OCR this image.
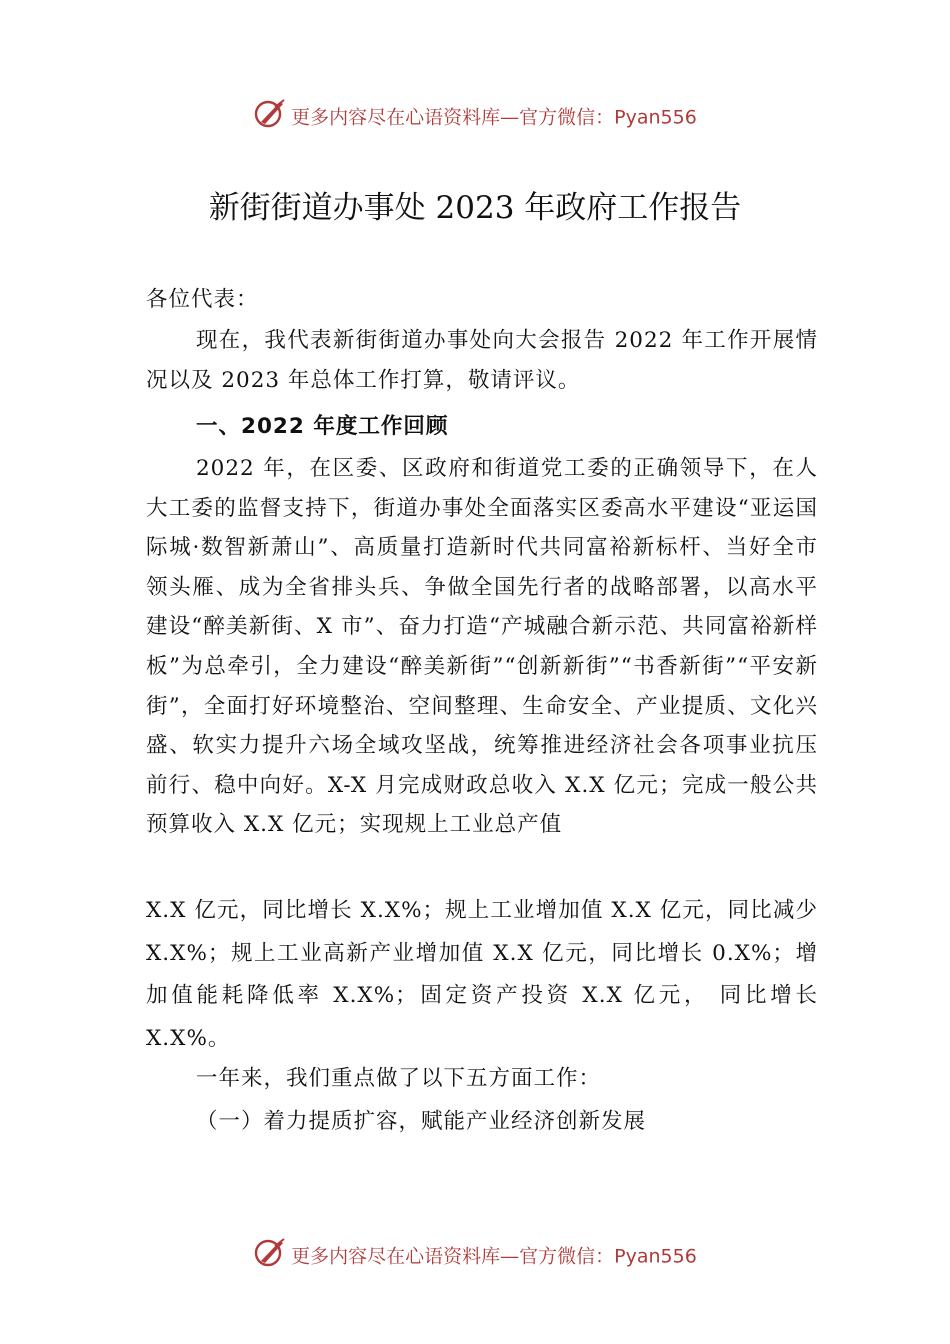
更多内容尽在心语资料库—官方微信：Pyan556
新街街道办事处 2023 年政府工作报告

各位代表：

现在，我代表新街街道办事处向大会报告 2022 年工作开展情况以及 2023 年总体工作打算，敬请评议。

一、2022 年度工作回顾

2022 年，在区委、区政府和街道党工委的正确领导下，在人大工委的监督支持下，街道办事处全面落实区委高水平建设“亚运国际城·数智新萧山”、高质量打造新时代共同富裕新标杆、当好全市领头雁、成为全省排头兵、争做全国先行者的战略部署，以高水平建设“醉美新街、X 市”、奋力打造“产城融合新示范、共同富裕新样板”为总牵引，全力建设“醉美新街”“创新新街”“书香新街”“平安新街”，全面打好环境整治、空间整理、生命安全、产业提质、文化兴盛、软实力提升六场全域攻坚战，统筹推进经济社会各项事业抗压前行、稳中向好。X-X 月完成财政总收入 X.X 亿元；完成一般公共预算收入 X.X 亿元；实现规上工业总产值

X.X 亿元，同比增长 X.X%；规上工业增加值 X.X 亿元，同比减少 X.X%；规上工业高新产业增加值 X.X 亿元，同比增长 0.X%；增加值能耗降低率 X.X%；固定资产投资 X.X 亿元， 同比增长 X.X%。

一年来，我们重点做了以下五方面工作：

（一）着力提质扩容，赋能产业经济创新发展

更多内容尽在心语资料库—官方微信：Pyan556
